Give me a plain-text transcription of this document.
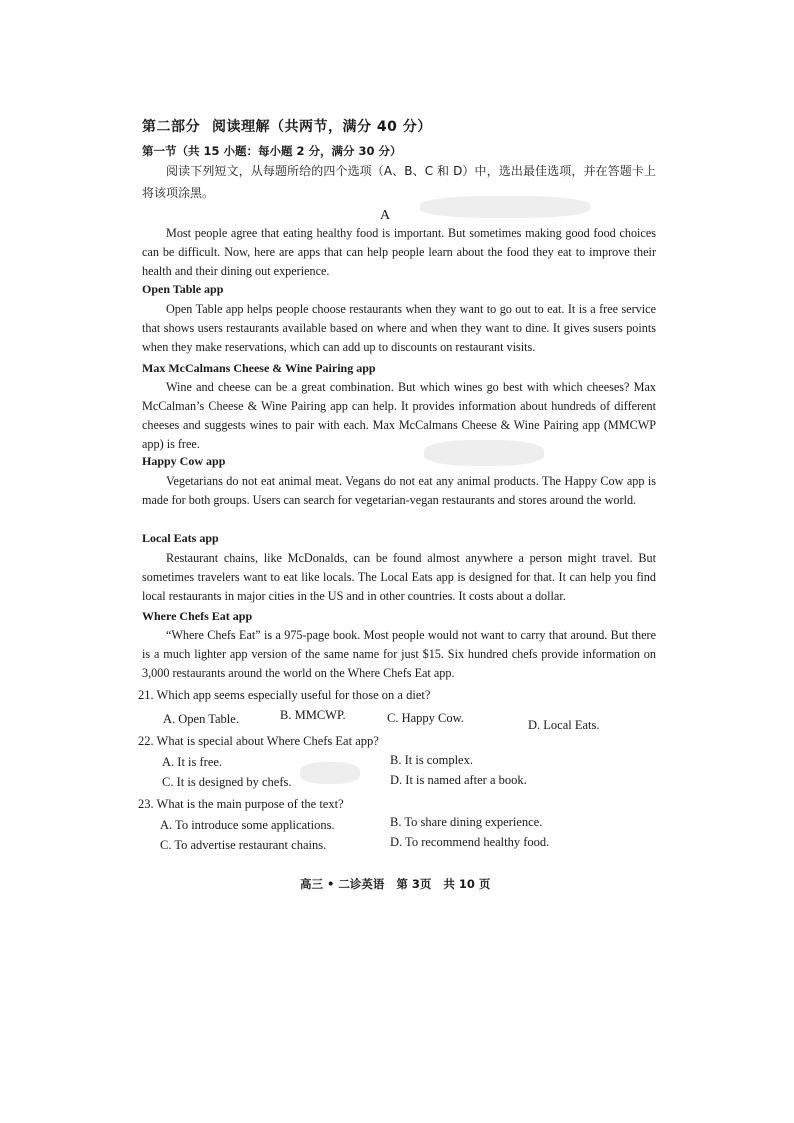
第二部分 阅读理解（共两节，满分 40 分）
第一节（共 15 小题：每小题 2 分，满分 30 分）
阅读下列短文，从每题所给的四个选项（A、B、C 和 D）中，选出最佳选项，并在答题卡上将该项涂黑。
A

Most people agree that eating healthy food is important. But sometimes making good food choices can be difficult. Now, here are apps that can help people learn about the food they eat to improve their health and their dining out experience.

Open Table app

Open Table app helps people choose restaurants when they want to go out to eat. It is a free service that shows users restaurants available based on where and when they want to dine. It gives susers points when they make reservations, which can add up to discounts on restaurant visits.

Max McCalmans Cheese & Wine Pairing app

Wine and cheese can be a great combination. But which wines go best with which cheeses? Max McCalman’s Cheese & Wine Pairing app can help. It provides information about hundreds of different cheeses and suggests wines to pair with each. Max McCalmans Cheese & Wine Pairing app (MMCWP app) is free.

Happy Cow app

Vegetarians do not eat animal meat. Vegans do not eat any animal products. The Happy Cow app is made for both groups. Users can search for vegetarian-vegan restaurants and stores around the world.

Local Eats app

Restaurant chains, like McDonalds, can be found almost anywhere a person might travel. But sometimes travelers want to eat like locals. The Local Eats app is designed for that. It can help you find local restaurants in major cities in the US and in other countries. It costs about a dollar.

Where Chefs Eat app

“Where Chefs Eat” is a 975-page book. Most people would not want to carry that around. But there is a much lighter app version of the same name for just $15. Six hundred chefs provide information on 3,000 restaurants around the world on the Where Chefs Eat app.

21. Which app seems especially useful for those on a diet?
A. Open Table.	B. MMCWP.	C. Happy Cow.	D. Local Eats.
22. What is special about Where Chefs Eat app?
A. It is free.	B. It is complex.
C. It is designed by chefs.	D. It is named after a book.
23. What is the main purpose of the text?
A. To introduce some applications.	B. To share dining experience.
C. To advertise restaurant chains.	D. To recommend healthy food.
高三 • 二诊英语 第 3页 共 10 页
